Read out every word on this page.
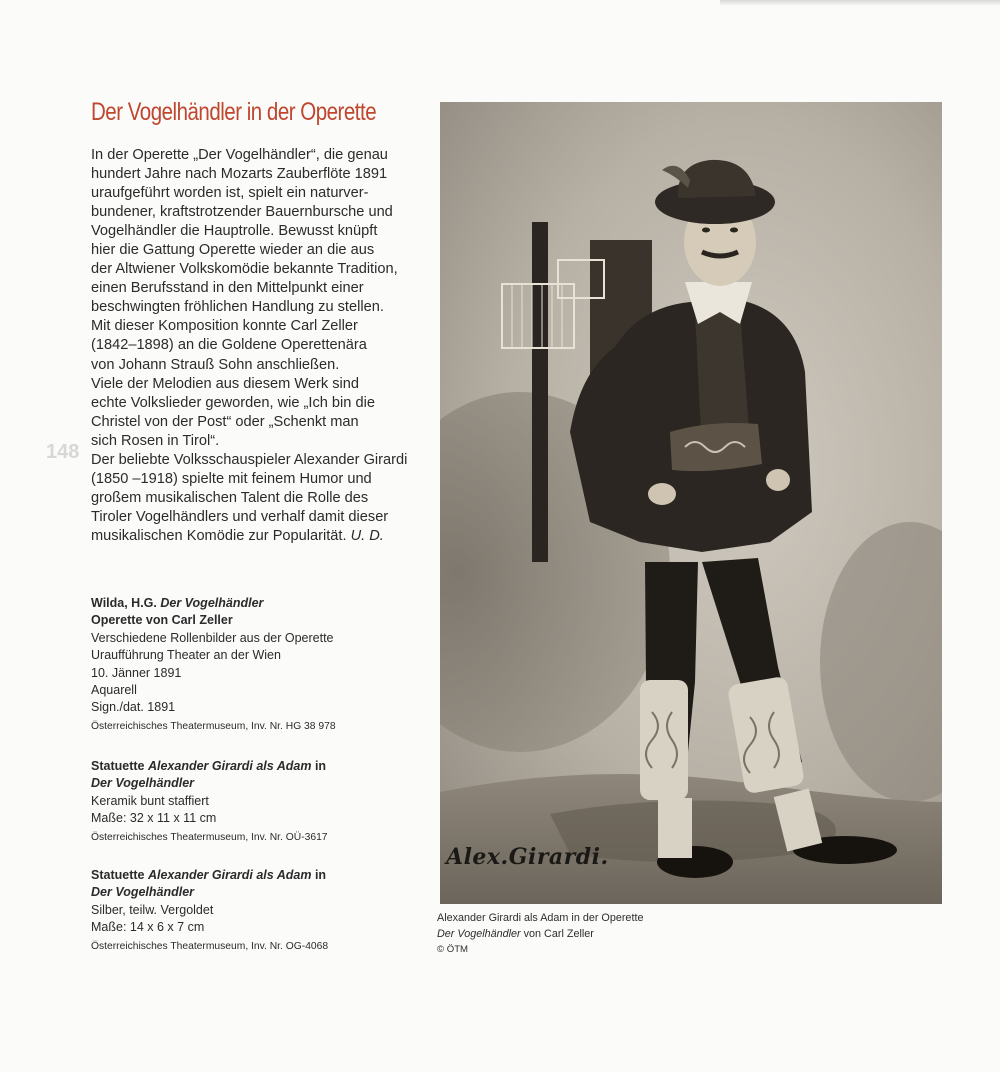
Der Vogelhändler in der Operette
148
In der Operette „Der Vogelhändler“, die genau
hundert Jahre nach Mozarts Zauberflöte 1891
uraufgeführt worden ist, spielt ein naturver-
bundener, kraftstrotzender Bauernbursche und
Vogelhändler die Hauptrolle. Bewusst knüpft
hier die Gattung Operette wieder an die aus
der Altwiener Volkskomödie bekannte Tradition,
einen Berufsstand in den Mittelpunkt einer
beschwingten fröhlichen Handlung zu stellen.
Mit dieser Komposition konnte Carl Zeller
(1842–1898) an die Goldene Operettenära
von Johann Strauß Sohn anschließen.
Viele der Melodien aus diesem Werk sind
echte Volkslieder geworden, wie „Ich bin die
Christel von der Post“ oder „Schenkt man
sich Rosen in Tirol“.
Der beliebte Volksschauspieler Alexander Girardi
(1850 –1918) spielte mit feinem Humor und
großem musikalischen Talent die Rolle des
Tiroler Vogelhändlers und verhalf damit dieser
musikalischen Komödie zur Popularität. U. D.
Wilda, H.G. Der Vogelhändler
Operette von Carl Zeller
Verschiedene Rollenbilder aus der Operette
Uraufführung Theater an der Wien
10. Jänner 1891
Aquarell
Sign./dat. 1891
Österreichisches Theatermuseum, Inv. Nr. HG 38 978
Statuette Alexander Girardi als Adam in
Der Vogelhändler
Keramik bunt staffiert
Maße: 32 x 11 x 11 cm
Österreichisches Theatermuseum, Inv. Nr. OÜ-3617
Statuette Alexander Girardi als Adam in
Der Vogelhändler
Silber, teilw. Vergoldet
Maße: 14 x 6 x 7 cm
Österreichisches Theatermuseum, Inv. Nr. OG-4068
Alex.Girardi.
Alexander Girardi als Adam in der Operette
Der Vogelhändler von Carl Zeller
© ÖTM
